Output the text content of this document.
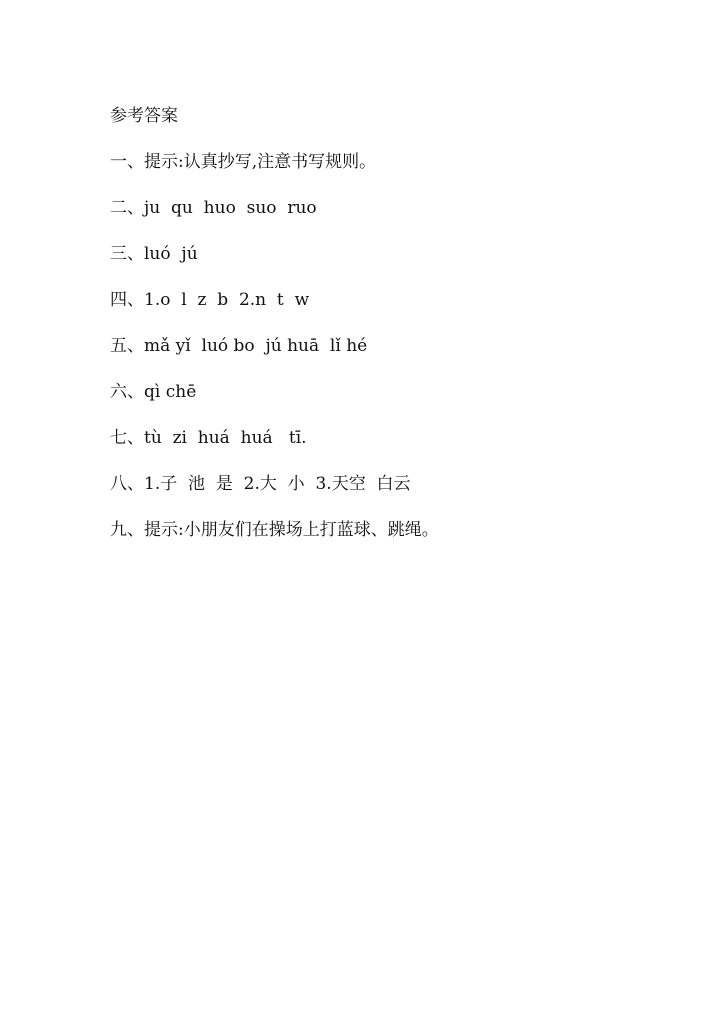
参考答案
一、提示:认真抄写,注意书写规则。
二、ju  qu  huo  suo  ruo
三、luó  jú
四、1.o  l  z  b  2.n  t  w
五、mǎ yǐ  luó bo  jú huā  lǐ hé
六、qì chē
七、tù  zi  huá  huá   tī.
八、1.子  池  是  2.大  小  3.天空  白云
九、提示:小朋友们在操场上打蓝球、跳绳。
